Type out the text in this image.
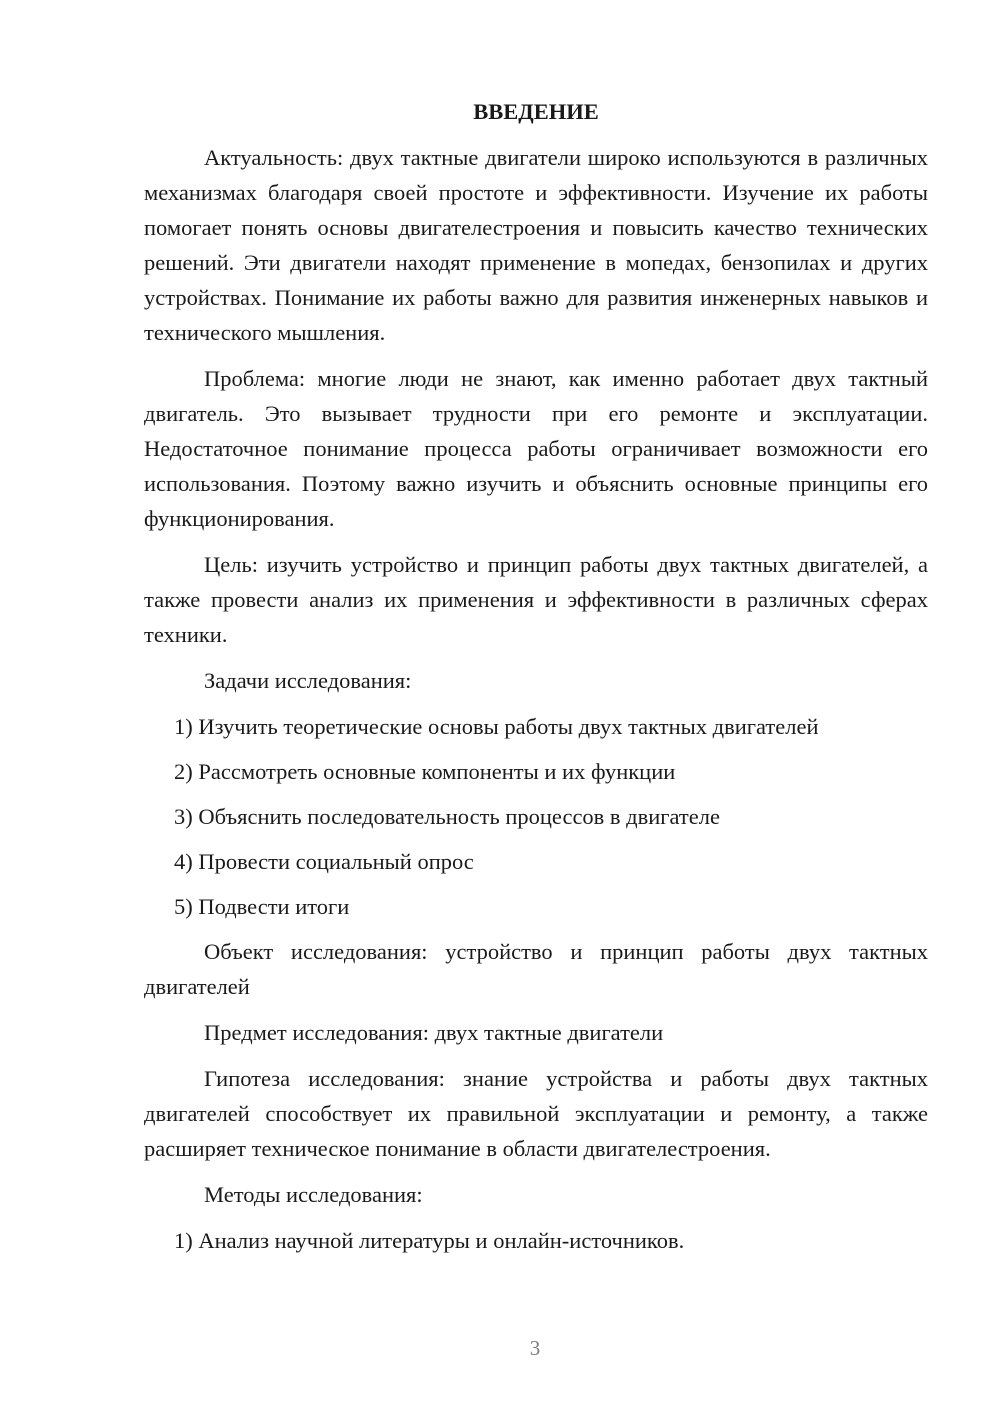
ВВЕДЕНИЕ

Актуальность: двух тактные двигатели широко используются в различных механизмах благодаря своей простоте и эффективности. Изучение их работы помогает понять основы двигателестроения и повысить качество технических решений. Эти двигатели находят применение в мопедах, бензопилах и других устройствах. Понимание их работы важно для развития инженерных навыков и технического мышления.

Проблема: многие люди не знают, как именно работает двух тактный двигатель. Это вызывает трудности при его ремонте и эксплуатации. Недостаточное понимание процесса работы ограничивает возможности его использования. Поэтому важно изучить и объяснить основные принципы его функционирования.

Цель: изучить устройство и принцип работы двух тактных двигателей, а также провести анализ их применения и эффективности в различных сферах техники.

Задачи исследования:

1) Изучить теоретические основы работы двух тактных двигателей

2) Рассмотреть основные компоненты и их функции

3) Объяснить последовательность процессов в двигателе

4) Провести социальный опрос

5) Подвести итоги

Объект исследования: устройство и принцип работы двух тактных двигателей

Предмет исследования: двух тактные двигатели

Гипотеза исследования: знание устройства и работы двух тактных двигателей способствует их правильной эксплуатации и ремонту, а также расширяет техническое понимание в области двигателестроения.

Методы исследования:

1) Анализ научной литературы и онлайн-источников.

3
